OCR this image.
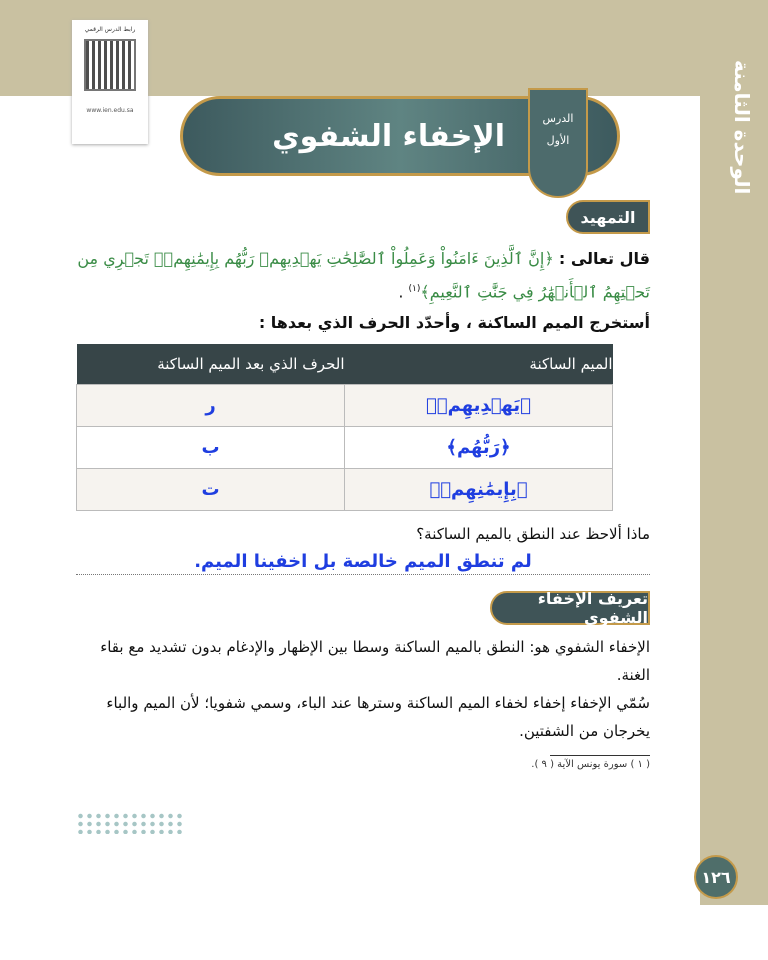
الوحدة الثامنة
رابط الدرس الرقمي
www.ien.edu.sa
الإخفاء الشفوي	الدرس
الأول
التمهيد
قال تعالى : ﴿إِنَّ ٱلَّذِينَ ءَامَنُواْ وَعَمِلُواْ ٱلصَّٰلِحَٰتِ يَهۡدِيهِمۡ رَبُّهُم بِإِيمَٰنِهِمۡۖ تَجۡرِي مِن تَحۡتِهِمُ ٱلۡأَنۡهَٰرُ فِي جَنَّٰتِ ٱلنَّعِيمِ﴾$^{(١)}$ .
أستخرج الميم الساكنة ، وأحدّد الحرف الذي بعدها :
الميم الساكنة	الحرف الذي بعد الميم الساكنة
﴿يَهۡدِيهِمۡ﴾	ر
﴿رَبُّهُم﴾	ب
﴿بِإِيمَٰنِهِمۡ﴾	ت
ماذا ألاحظ عند النطق بالميم الساكنة؟
لم تنطق الميم خالصة بل اخفينا الميم.
تعريف الإخفاء الشفوي
الإخفاء الشفوي هو: النطق بالميم الساكنة وسطا بين الإظهار والإدغام بدون تشديد مع بقاء الغنة.
سُمّي الإخفاء إخفاء لخفاء الميم الساكنة وسترها عند الباء، وسمي شفويا؛ لأن الميم والباء يخرجان من الشفتين.
( ١ ) سورة يونس الآية ( ٩ ).
١٢٦
